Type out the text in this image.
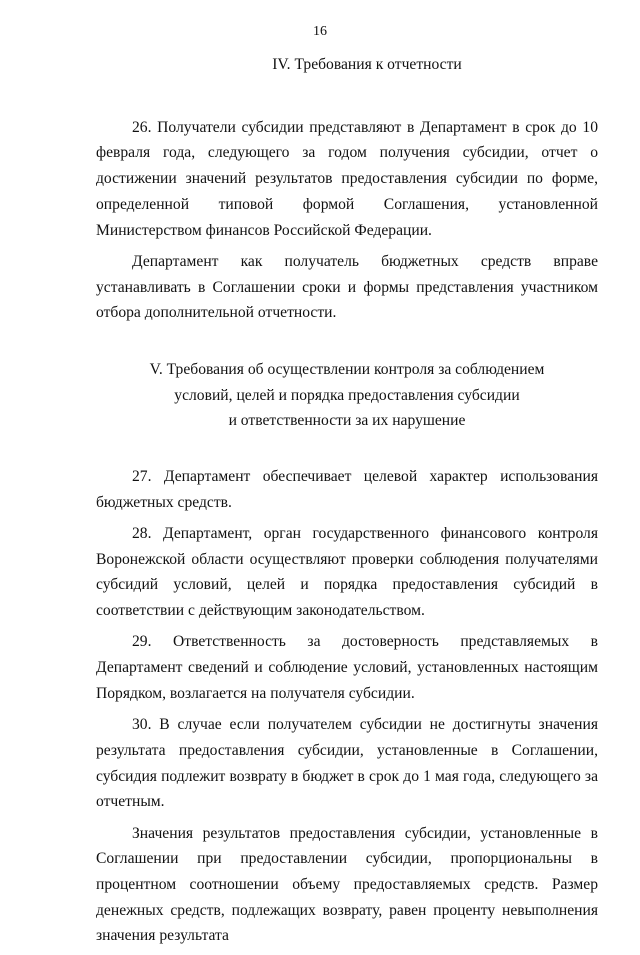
16
IV. Требования к отчетности

26. Получатели субсидии представляют в Департамент в срок до 10 февраля года, следующего за годом получения субсидии, отчет о достижении значений результатов предоставления субсидии по форме, определенной типовой формой Соглашения, установленной Министерством финансов Российской Федерации.

Департамент как получатель бюджетных средств вправе устанавливать в Соглашении сроки и формы представления участником отбора дополнительной отчетности.

V. Требования об осуществлении контроля за соблюдением
условий, целей и порядка предоставления субсидии
и ответственности за их нарушение

27. Департамент обеспечивает целевой характер использования бюджетных средств.

28. Департамент, орган государственного финансового контроля Воронежской области осуществляют проверки соблюдения получателями субсидий условий, целей и порядка предоставления субсидий в соответствии с действующим законодательством.

29. Ответственность за достоверность представляемых в Департамент сведений и соблюдение условий, установленных настоящим Порядком, возлагается на получателя субсидии.

30. В случае если получателем субсидии не достигнуты значения результата предоставления субсидии, установленные в Соглашении, субсидия подлежит возврату в бюджет в срок до 1 мая года, следующего за отчетным.

Значения результатов предоставления субсидии, установленные в Соглашении при предоставлении субсидии, пропорциональны в процентном соотношении объему предоставляемых средств. Размер денежных средств, подлежащих возврату, равен проценту невыполнения значения результата
